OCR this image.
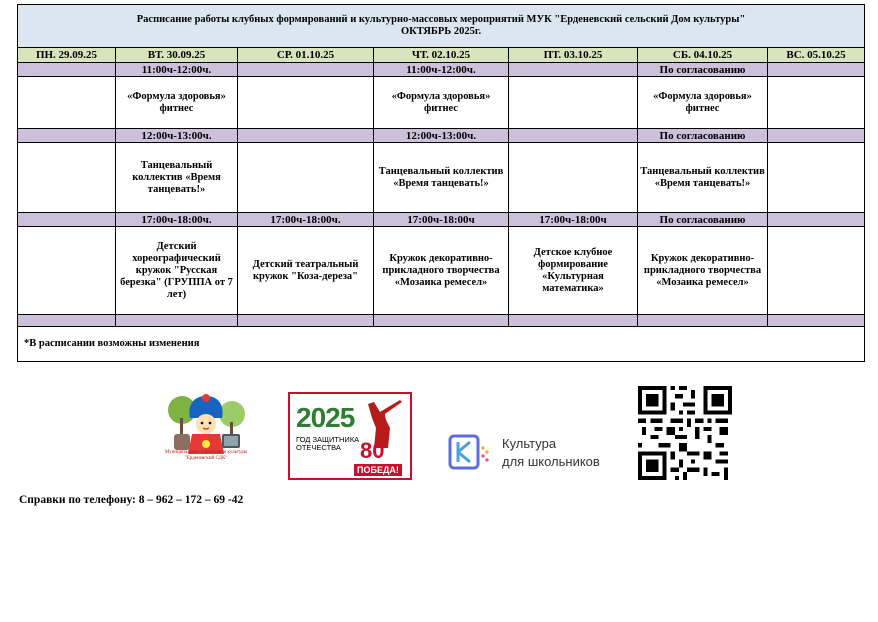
Расписание работы клубных формирований и культурно-массовых мероприятий МУК "Ерденевский сельский Дом культуры"
ОКТЯБРЬ 2025г.						

ПН. 29.09.25	ВТ. 30.09.25	СР. 01.10.25	ЧТ. 02.10.25	ПТ. 03.10.25	СБ. 04.10.25	ВС. 05.10.25
	11:00ч-12:00ч.		11:00ч-12:00ч.		По согласованию	
	«Формула здоровья» фитнес		«Формула здоровья» фитнес		«Формула здоровья» фитнес	
	12:00ч-13:00ч.		12:00ч-13:00ч.		По согласованию	
	Танцевальный коллектив «Время танцевать!»		Танцевальный коллектив «Время танцевать!»		Танцевальный коллектив «Время танцевать!»	
	17:00ч-18:00ч.	17:00ч-18:00ч.	17:00ч-18:00ч	17:00ч-18:00ч	По согласованию	
	Детский хореографический кружок "Русская березка" (ГРУППА от 7 лет)	Детский театральный кружок "Коза-дереза"	Кружок декоративно-прикладного творчества «Мозаика ремесел»	Детское клубное формирование «Культурная математика»	Кружок декоративно-прикладного творчества «Мозаика ремесел»	

*В расписании возможны изменения						
Муниципальное учреждение культуры "Ерденевский СДК"
2025
ГОД ЗАЩИТНИКА ОТЕЧЕСТВА 80
ПОБЕДА!
Культура
для школьников
Справки по телефону: 8 – 962 – 172 – 69 -42
